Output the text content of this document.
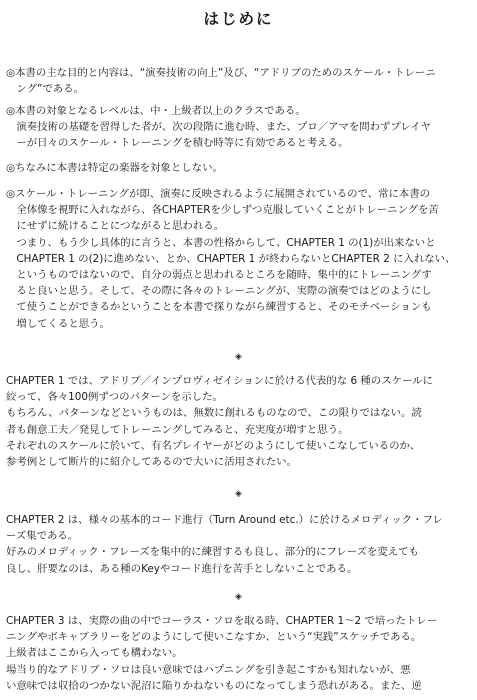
はじめに
◎本書の主な目的と内容は、“演奏技術の向上”及び、“アドリブのためのスケール・トレーニ
　ング”である。
◎本書の対象となるレベルは、中・上級者以上のクラスである。
　演奏技術の基礎を習得した者が、次の段階に進む時、また、プロ／アマを問わずプレイヤ
　ーが日々のスケール・トレーニングを積む時等に有効であると考える。
◎ちなみに本書は特定の楽器を対象としない。
◎スケール・トレーニングが即、演奏に反映されるように展開されているので、常に本書の
　全体像を視野に入れながら、各CHAPTERを少しずつ克服していくことがトレーニングを苦
　にせずに続けることにつながると思われる。
　つまり、もう少し具体的に言うと、本書の性格からして、CHAPTER 1 の(1)が出来ないと
　CHAPTER 1 の(2)に進めない、とか、CHAPTER 1 が終わらないとCHAPTER 2 に入れない、
　というものではないので、自分の弱点と思われるところを随時、集中的にトレーニングす
　ると良いと思う。そして、その際に各々のトレーニングが、実際の演奏ではどのようにし
　て使うことができるかということを本書で探りながら練習すると、そのモチベーションも
　増してくると思う。
◈
CHAPTER 1 では、アドリブ／インプロヴィゼイションに於ける代表的な 6 種のスケールに
絞って、各々100例ずつのパターンを示した。
もちろん、パターンなどというものは、無数に創れるものなので、この限りではない。読
者も創意工夫／発見してトレーニングしてみると、充実度が増すと思う。
それぞれのスケールに於いて、有名プレイヤーがどのようにして使いこなしているのか、
参考例として断片的に紹介してあるので大いに活用されたい。
◈
CHAPTER 2 は、様々の基本的コード進行（Turn Around etc.）に於けるメロディック・フレ
ーズ集である。
好みのメロディック・フレーズを集中的に練習するも良し、部分的にフレーズを変えても
良し、肝要なのは、ある種のKeyやコード進行を苦手としないことである。
◈
CHAPTER 3 は、実際の曲の中でコーラス・ソロを取る時、CHAPTER 1～2 で培ったトレー
ニングやボキャブラリーをどのようにして使いこなすか、という“実践”スケッチである。
上級者はここから入っても構わない。
場当り的なアドリブ・ソロは良い意味ではハプニングを引き起こすかも知れないが、悪
い意味では収拾のつかない泥沼に陥りかねないものになってしまう恐れがある。また、逆
